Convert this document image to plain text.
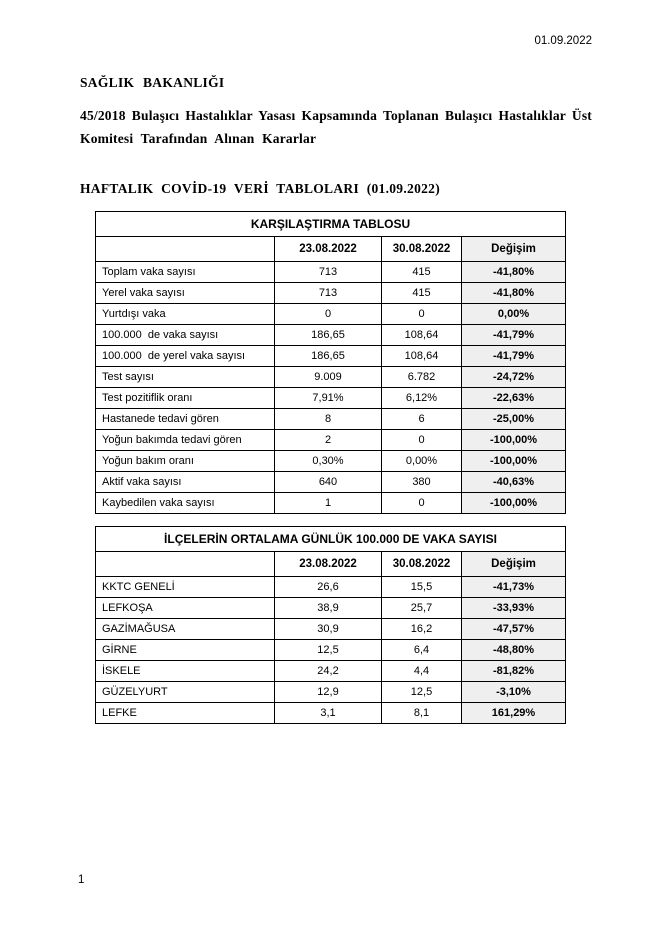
01.09.2022
SAĞLIK BAKANLIĞI
45/2018 Bulaşıcı Hastalıklar Yasası Kapsamında Toplanan Bulaşıcı Hastalıklar Üst
Komitesi Tarafından Alınan Kararlar
HAFTALIK COVİD-19 VERİ TABLOLARI (01.09.2022)
KARŞILAŞTIRMA TABLOSU			
	23.08.2022	30.08.2022	Değişim
Toplam vaka sayısı	713	415	-41,80%
Yerel vaka sayısı	713	415	-41,80%
Yurtdışı vaka	0	0	0,00%
100.000  de vaka sayısı	186,65	108,64	-41,79%
100.000  de yerel vaka sayısı	186,65	108,64	-41,79%
Test sayısı	9.009	6.782	-24,72%
Test pozitiflik oranı	7,91%	6,12%	-22,63%
Hastanede tedavi gören	8	6	-25,00%
Yoğun bakımda tedavi gören	2	0	-100,00%
Yoğun bakım oranı	0,30%	0,00%	-100,00%
Aktif vaka sayısı	640	380	-40,63%
Kaybedilen vaka sayısı	1	0	-100,00%
İLÇELERİN ORTALAMA GÜNLÜK 100.000 DE VAKA SAYISI			
	23.08.2022	30.08.2022	Değişim
KKTC GENELİ	26,6	15,5	-41,73%
LEFKOŞA	38,9	25,7	-33,93%
GAZİMAĞUSA	30,9	16,2	-47,57%
GİRNE	12,5	6,4	-48,80%
İSKELE	24,2	4,4	-81,82%
GÜZELYURT	12,9	12,5	-3,10%
LEFKE	3,1	8,1	161,29%
1
